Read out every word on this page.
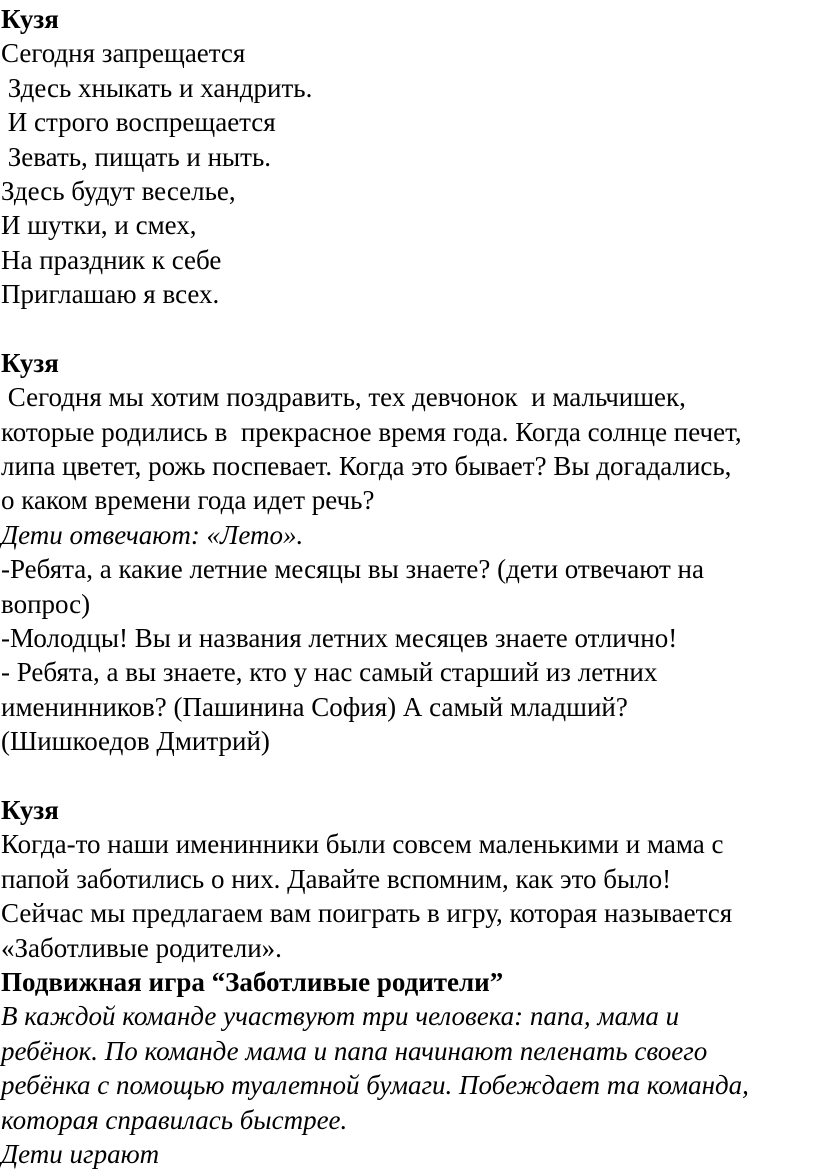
Кузя
Сегодня запрещается
Здесь хныкать и хандрить.
И строго воспрещается
Зевать, пищать и ныть.
Здесь будут веселье,
И шутки, и смех,
На праздник к себе
Приглашаю я всех.
Кузя
Сегодня мы хотим поздравить, тех девчонок  и мальчишек,
которые родились в  прекрасное время года. Когда солнце печет,
липа цветет, рожь поспевает. Когда это бывает? Вы догадались,
о каком времени года идет речь?
Дети отвечают: «Лето».
-Ребята, а какие летние месяцы вы знаете? (дети отвечают на
вопрос)
-Молодцы! Вы и названия летних месяцев знаете отлично!
- Ребята, а вы знаете, кто у нас самый старший из летних
именинников? (Пашинина София) А самый младший?
(Шишкоедов Дмитрий)
Кузя
Когда-то наши именинники были совсем маленькими и мама с
папой заботились о них. Давайте вспомним, как это было!
Сейчас мы предлагаем вам поиграть в игру, которая называется
«Заботливые родители».
Подвижная игра “Заботливые родители”
В каждой команде участвуют три человека: папа, мама и
ребёнок. По команде мама и папа начинают пеленать своего
ребёнка с помощью туалетной бумаги. Побеждает та команда,
которая справилась быстрее.
Дети играют
